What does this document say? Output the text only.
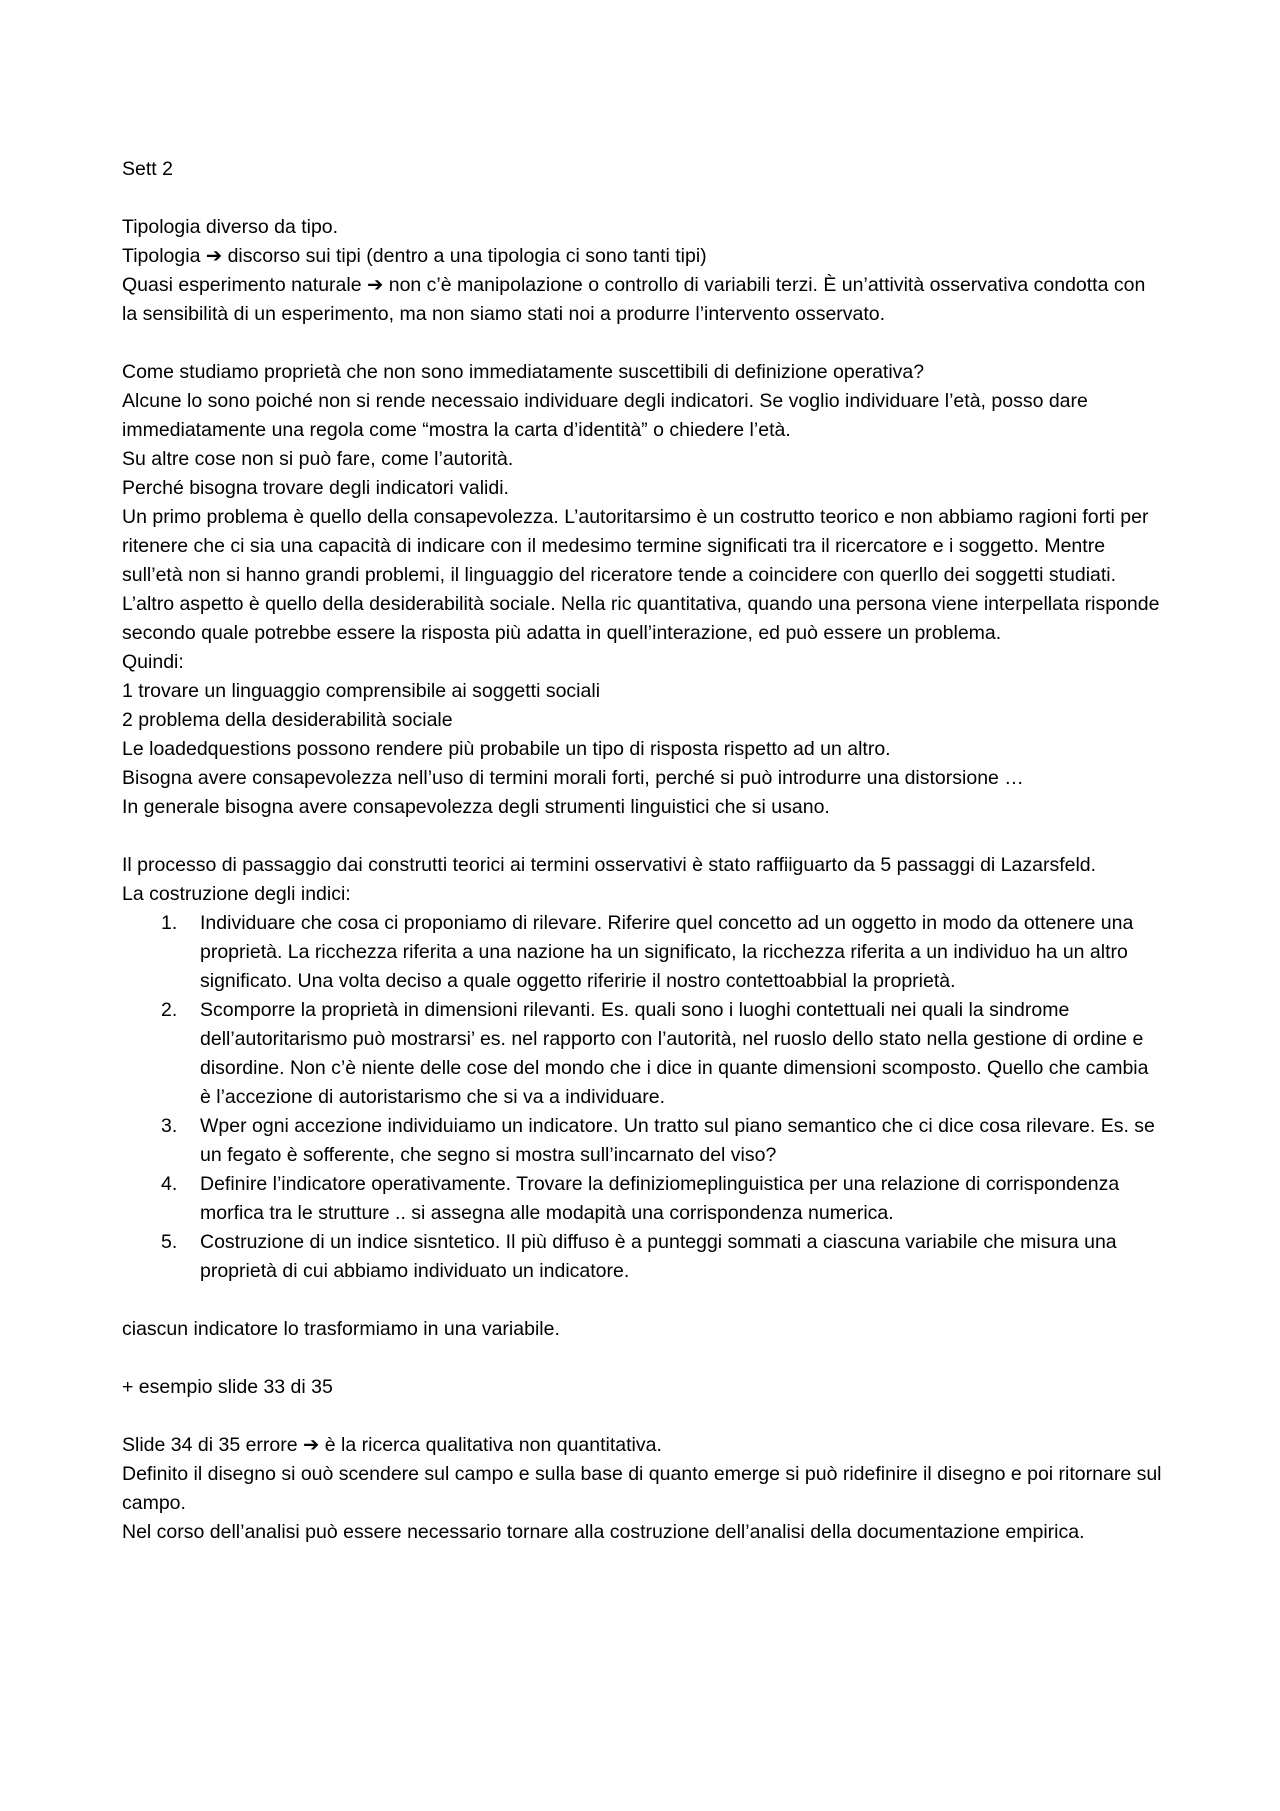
Sett 2

Tipologia diverso da tipo.

Tipologia ➔ discorso sui tipi (dentro a una tipologia ci sono tanti tipi)

Quasi esperimento naturale ➔ non c’è manipolazione o controllo di variabili terzi. È un’attività osservativa condotta con la sensibilità di un esperimento, ma non siamo stati noi a produrre l’intervento osservato.

Come studiamo proprietà che non sono immediatamente suscettibili di definizione operativa?

Alcune lo sono poiché non si rende necessaio individuare degli indicatori. Se voglio individuare l’età, posso dare immediatamente una regola come “mostra la carta d’identità” o chiedere l’età.

Su altre cose non si può fare, come l’autorità.

Perché bisogna trovare degli indicatori validi.

Un primo problema è quello della consapevolezza. L’autoritarsimo è un costrutto teorico e non abbiamo ragioni forti per ritenere che ci sia una capacità di indicare con il medesimo termine significati tra il ricercatore e i soggetto. Mentre sull’età non si hanno grandi problemi, il linguaggio del riceratore tende a coincidere con querllo dei soggetti studiati.

L’altro aspetto è quello della desiderabilità sociale. Nella ric quantitativa, quando una persona viene interpellata risponde secondo quale potrebbe essere la risposta più adatta in quell’interazione, ed può essere un problema.

Quindi:

1 trovare un linguaggio comprensibile ai soggetti sociali

2 problema della desiderabilità sociale

Le loadedquestions possono rendere più probabile un tipo di risposta rispetto ad un altro.

Bisogna avere consapevolezza nell’uso di termini morali forti, perché si può introdurre una distorsione …

In generale bisogna avere consapevolezza degli strumenti linguistici che si usano.

Il processo di passaggio dai construtti teorici ai termini osservativi è stato raffiiguarto da 5 passaggi di Lazarsfeld.

La costruzione degli indici:

1. Individuare che cosa ci proponiamo di rilevare. Riferire quel concetto ad un oggetto in modo da ottenere una proprietà. La ricchezza riferita a una nazione ha un significato, la ricchezza riferita a un individuo ha un altro significato. Una volta deciso a quale oggetto riferirie il nostro contettoabbial la proprietà.
2. Scomporre la proprietà in dimensioni rilevanti. Es. quali sono i luoghi contettuali nei quali la sindrome dell’autoritarismo può mostrarsi’ es. nel rapporto con l’autorità, nel ruoslo dello stato nella gestione di ordine e disordine. Non c’è niente delle cose del mondo che i dice in quante dimensioni scomposto. Quello che cambia è l’accezione di autoristarismo che si va a individuare.
3. Wper ogni accezione individuiamo un indicatore. Un tratto sul piano semantico che ci dice cosa rilevare. Es. se un fegato è sofferente, che segno si mostra sull’incarnato del viso?
4. Definire l’indicatore operativamente. Trovare la definiziomeplinguistica per una relazione di corrispondenza morfica tra le strutture .. si assegna alle modapità una corrispondenza numerica.
5. Costruzione di un indice sisntetico. Il più diffuso è a punteggi sommati a ciascuna variabile che misura una proprietà di cui abbiamo individuato un indicatore.

ciascun indicatore lo trasformiamo in una variabile.

+ esempio slide 33 di 35

Slide 34 di 35 errore ➔ è la ricerca qualitativa non quantitativa.

Definito il disegno si ouò scendere sul campo e sulla base di quanto emerge si può ridefinire il disegno e poi ritornare sul campo.

Nel corso dell’analisi può essere necessario tornare alla costruzione dell’analisi della documentazione empirica.
